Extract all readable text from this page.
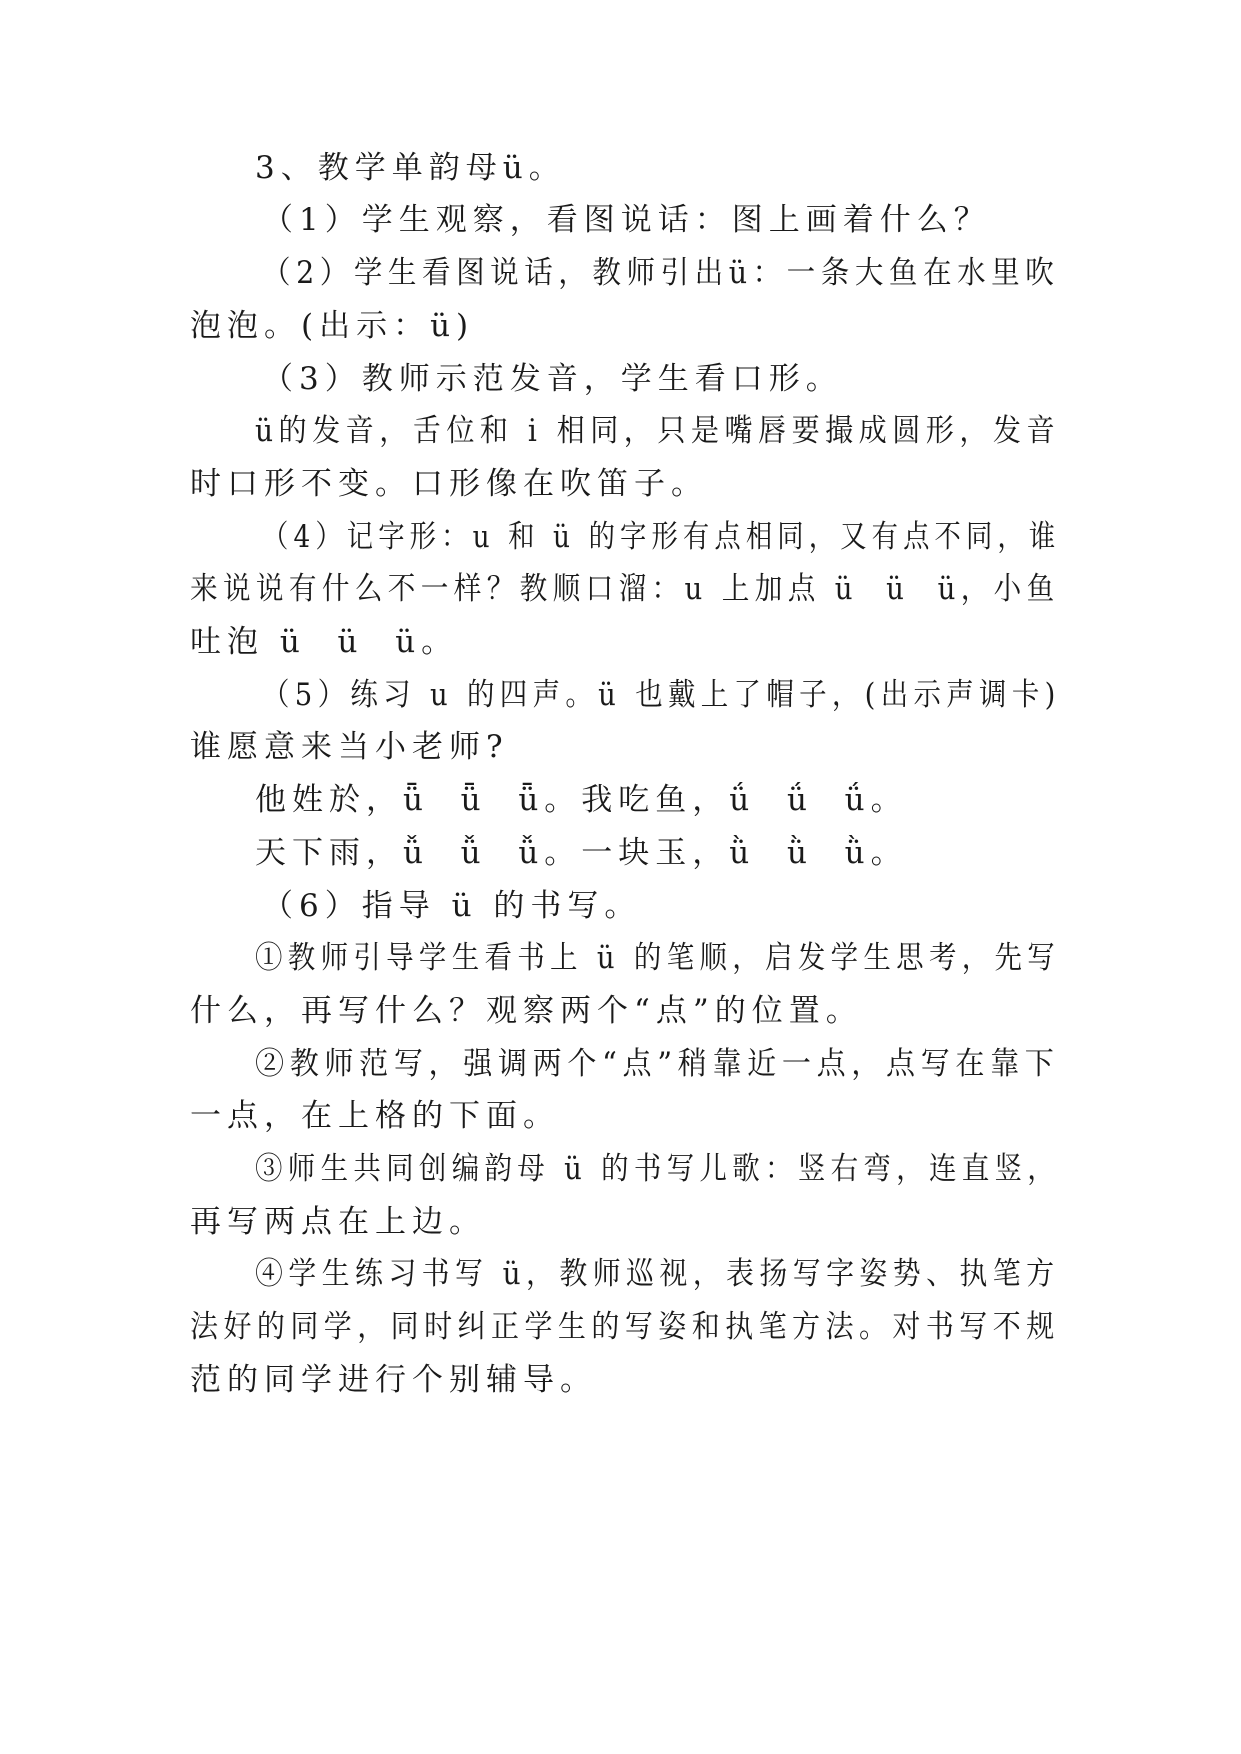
3、教学单韵母ü。
（1）学生观察，看图说话：图上画着什么？
（2）学生看图说话，教师引出ü：一条大鱼在水里吹
泡泡。(出示：ü)
（3）教师示范发音，学生看口形。
ü的发音，舌位和 i 相同，只是嘴唇要撮成圆形，发音
时口形不变。口形像在吹笛子。
（4）记字形：u 和 ü 的字形有点相同，又有点不同，谁
来说说有什么不一样？教顺口溜：u 上加点 ü  ü  ü，小鱼
吐泡 ü  ü  ü。
（5）练习 u 的四声。ü 也戴上了帽子，(出示声调卡)
谁愿意来当小老师?
他姓於，ǖ  ǖ  ǖ。我吃鱼，ǘ  ǘ  ǘ。
天下雨，ǚ  ǚ  ǚ。一块玉，ǜ  ǜ  ǜ。
（6）指导 ü 的书写。
①教师引导学生看书上 ü 的笔顺，启发学生思考，先写
什么，再写什么？观察两个“点”的位置。
②教师范写，强调两个“点”稍靠近一点，点写在靠下
一点，在上格的下面。
③师生共同创编韵母 ü 的书写儿歌：竖右弯，连直竖，
再写两点在上边。
④学生练习书写 ü，教师巡视，表扬写字姿势、执笔方
法好的同学，同时纠正学生的写姿和执笔方法。对书写不规
范的同学进行个别辅导。
